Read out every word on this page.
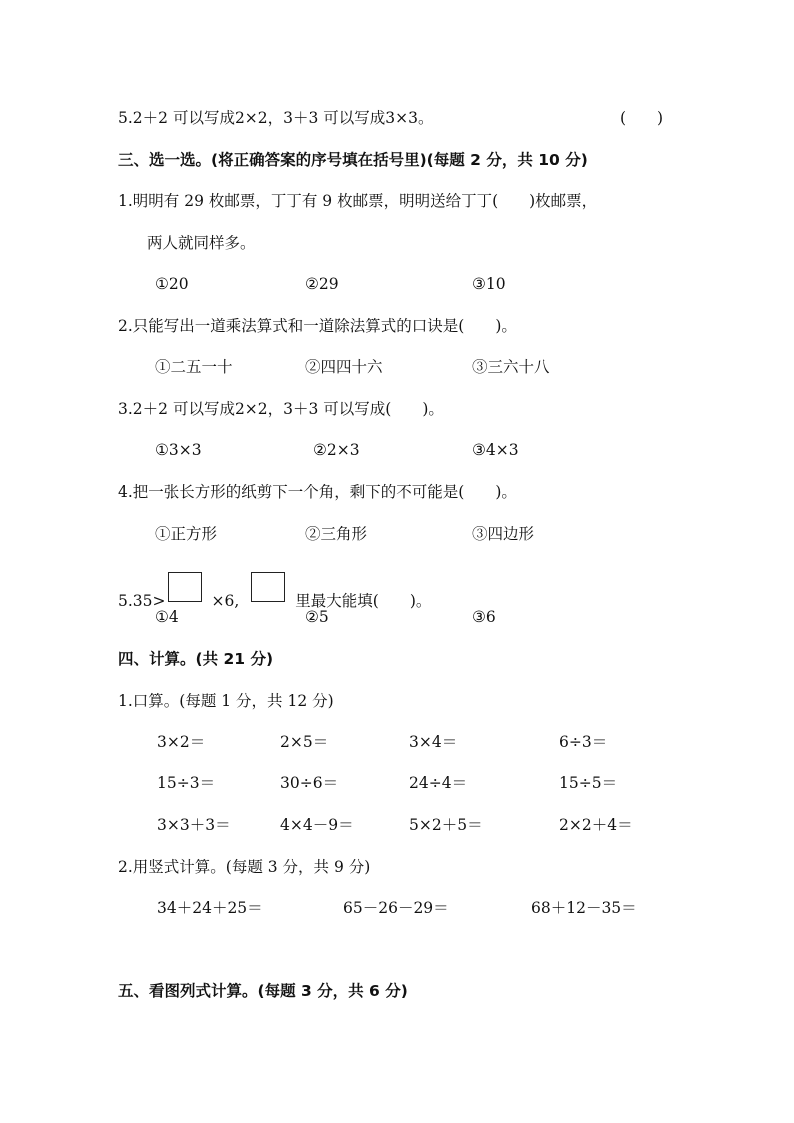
5.2＋2 可以写成2×2，3＋3 可以写成3×3。	(　　)
三、选一选。(将正确答案的序号填在括号里)(每题 2 分，共 10 分)
1.明明有 29 枚邮票，丁丁有 9 枚邮票，明明送给丁丁(　　)枚邮票，
两人就同样多。
①20	②29	③10
2.只能写出一道乘法算式和一道除法算式的口诀是(　　)。
①二五一十	②四四十六	③三六十八
3.2＋2 可以写成2×2，3＋3 可以写成(　　)。
①3×3	②2×3	③4×3
4.把一张长方形的纸剪下一个角，剩下的不可能是(　　)。
①正方形	②三角形	③四边形
5.35>	×6,	里最大能填(　　)。
①4	②5	③6
四、计算。(共 21 分)
1.口算。(每题 1 分，共 12 分)
3×2＝	2×5＝	3×4＝	6÷3＝
15÷3＝	30÷6＝	24÷4＝	15÷5＝
3×3＋3＝	4×4－9＝	5×2＋5＝	2×2＋4＝
2.用竖式计算。(每题 3 分，共 9 分)
34＋24＋25＝	65－26－29＝	68＋12－35＝
五、看图列式计算。(每题 3 分，共 6 分)
